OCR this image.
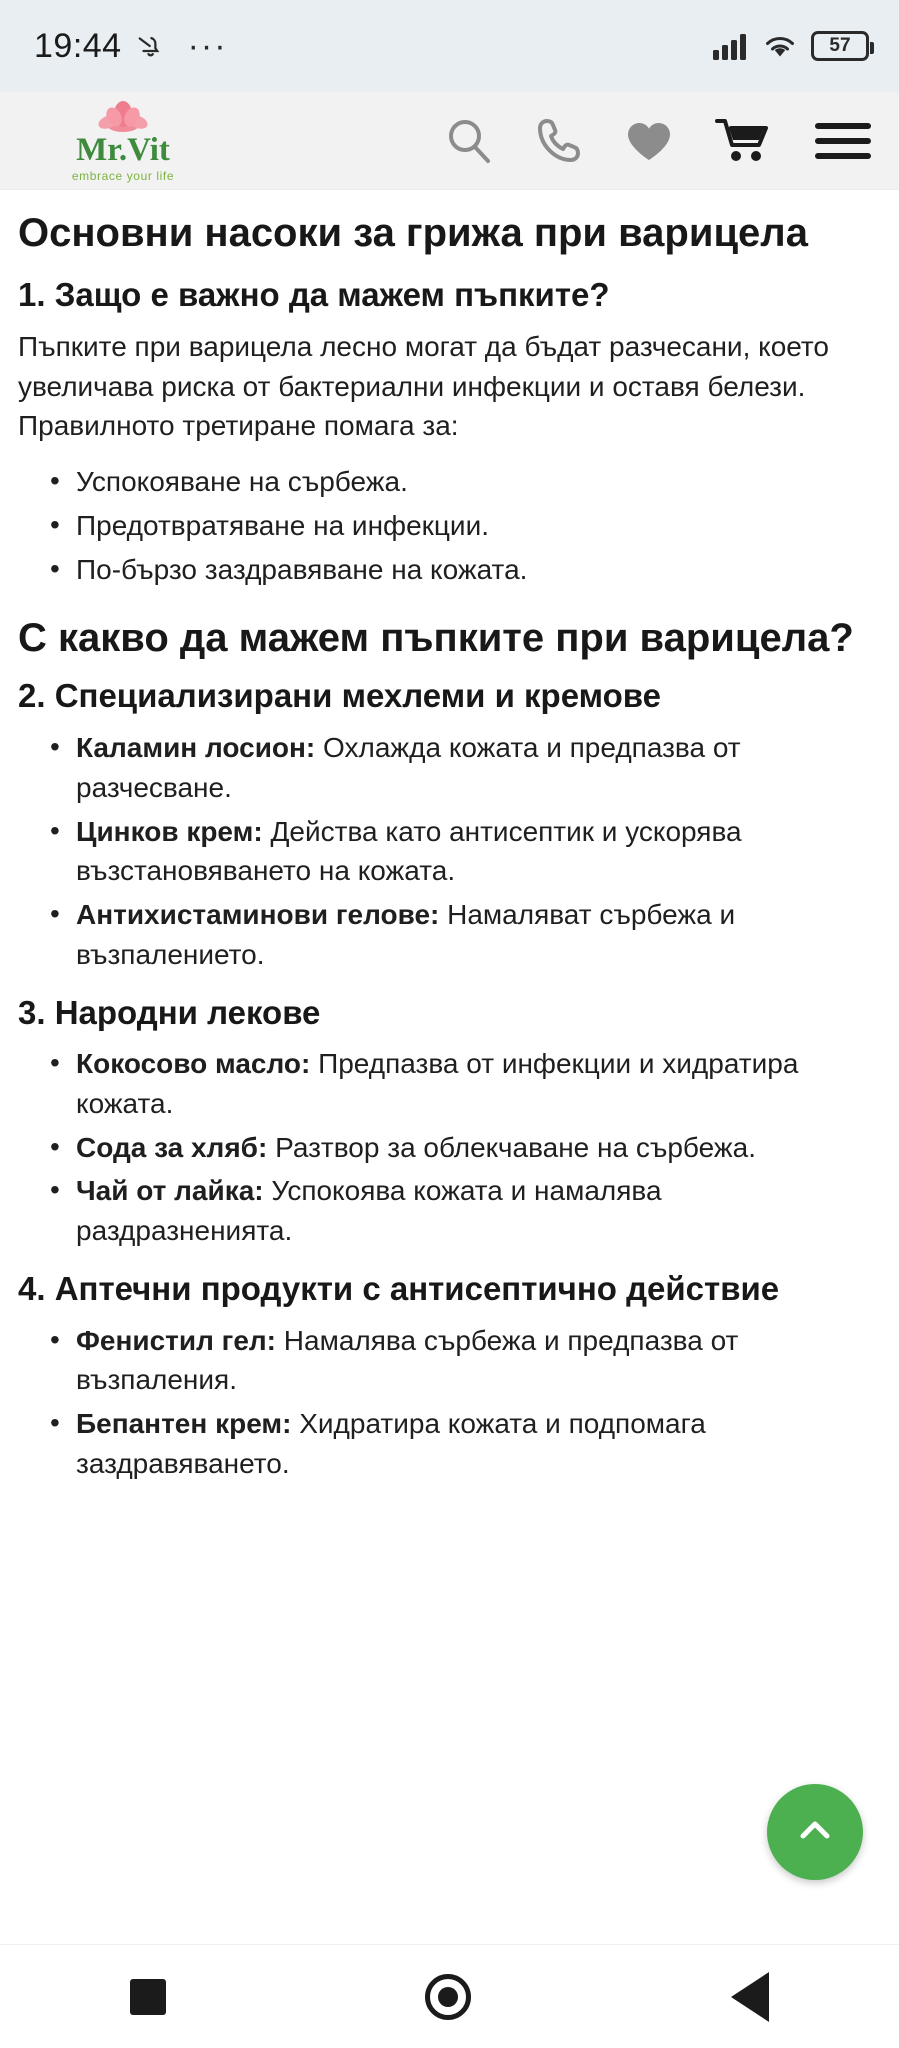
19:44 ···	57
Mr.Vit
embrace your life
Основни насоки за грижа при варицела
1. Защо е важно да мажем пъпките?

Пъпките при варицела лесно могат да бъдат разчесани, което увеличава риска от бактериални инфекции и оставя белези. Правилното третиране помага за:

• Успокояване на сърбежа.
• Предотвратяване на инфекции.
• По-бързо заздравяване на кожата.
С какво да мажем пъпките при варицела?
2. Специализирани мехлеми и кремове
• Каламин лосион: Охлажда кожата и предпазва от разчесване.
• Цинков крем: Действа като антисептик и ускорява възстановяването на кожата.
• Антихистаминови гелове: Намаляват сърбежа и възпалението.
3. Народни лекове
• Кокосово масло: Предпазва от инфекции и хидратира кожата.
• Сода за хляб: Разтвор за облекчаване на сърбежа.
• Чай от лайка: Успокоява кожата и намалява раздразненията.
4. Аптечни продукти с антисептично действие
• Фенистил гел: Намалява сърбежа и предпазва от възпаления.
• Бепантен крем: Хидратира кожата и подпомага заздравяването.
